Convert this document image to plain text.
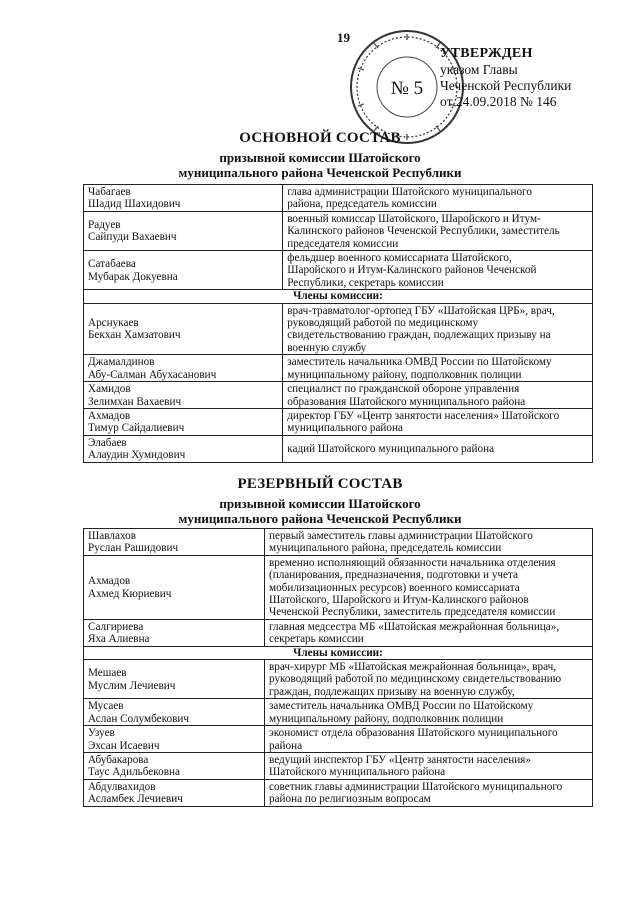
19
№ 5
УТВЕРЖДЕН
указом Главы
Чеченской Республики
от 24.09.2018 № 146
ОСНОВНОЙ СОСТАВ
призывной комиссии Шатойского
муниципального района Чеченской Республики
Чабагаев
Шадид Шахидович	глава администрации Шатойского муниципального
района, председатель комиссии

Радуев
Сайпуди Вахаевич	военный комиссар Шатойского, Шаройского и Итум-
Калинского районов Чеченской Республики, заместитель
председателя комиссии

Сатабаева
Мубарак Докуевна	фельдшер военного комиссариата Шатойского,
Шаройского и Итум-Калинского районов Чеченской
Республики, секретарь комиссии

Члены комиссии:	

Арснукаев
Бекхан Хамзатович	врач-травматолог-ортопед ГБУ «Шатойская ЦРБ», врач,
руководящий работой по медицинскому
свидетельствованию граждан, подлежащих призыву на
военную службу

Джамалдинов
Абу-Салман Абухасанович	заместитель начальника ОМВД России по Шатойскому
муниципальному району, подполковник полиции

Хамидов
Зелимхан Вахаевич	специалист по гражданской обороне управления
образования Шатойского муниципального района

Ахмадов
Тимур Сайдалиевич	директор ГБУ «Центр занятости населения» Шатойского
муниципального района

Элабаев
Алаудин Хумидович	кадий Шатойского муниципального района
РЕЗЕРВНЫЙ СОСТАВ
призывной комиссии Шатойского
муниципального района Чеченской Республики
Шавлахов
Руслан Рашидович	первый заместитель главы администрации Шатойского
муниципального района, председатель комиссии

Ахмадов
Ахмед Кюриевич	временно исполняющий обязанности начальника отделения
(планирования, предназначения, подготовки и учета
мобилизационных ресурсов) военного комиссариата
Шатойского, Шаройского и Итум-Калинского районов
Чеченской Республики, заместитель председателя комиссии

Салгириева
Яха Алиевна	главная медсестра МБ «Шатойская межрайонная больница»,
секретарь комиссии

Члены комиссии:	

Мешаев
Муслим Лечиевич	врач-хирург МБ «Шатойская межрайонная больница», врач,
руководящий работой по медицинскому свидетельствованию
граждан, подлежащих призыву на военную службу,

Мусаев
Аслан Солумбекович	заместитель начальника ОМВД России по Шатойскому
муниципальному району, подполковник полиции

Узуев
Эхсан Исаевич	экономист отдела образования Шатойского муниципального
района

Абубакарова
Таус Адильбековна	ведущий инспектор ГБУ «Центр занятости населения»
Шатойского муниципального района

Абдулвахидов
Асламбек Лечиевич	советник главы администрации Шатойского муниципального
района по религиозным вопросам
